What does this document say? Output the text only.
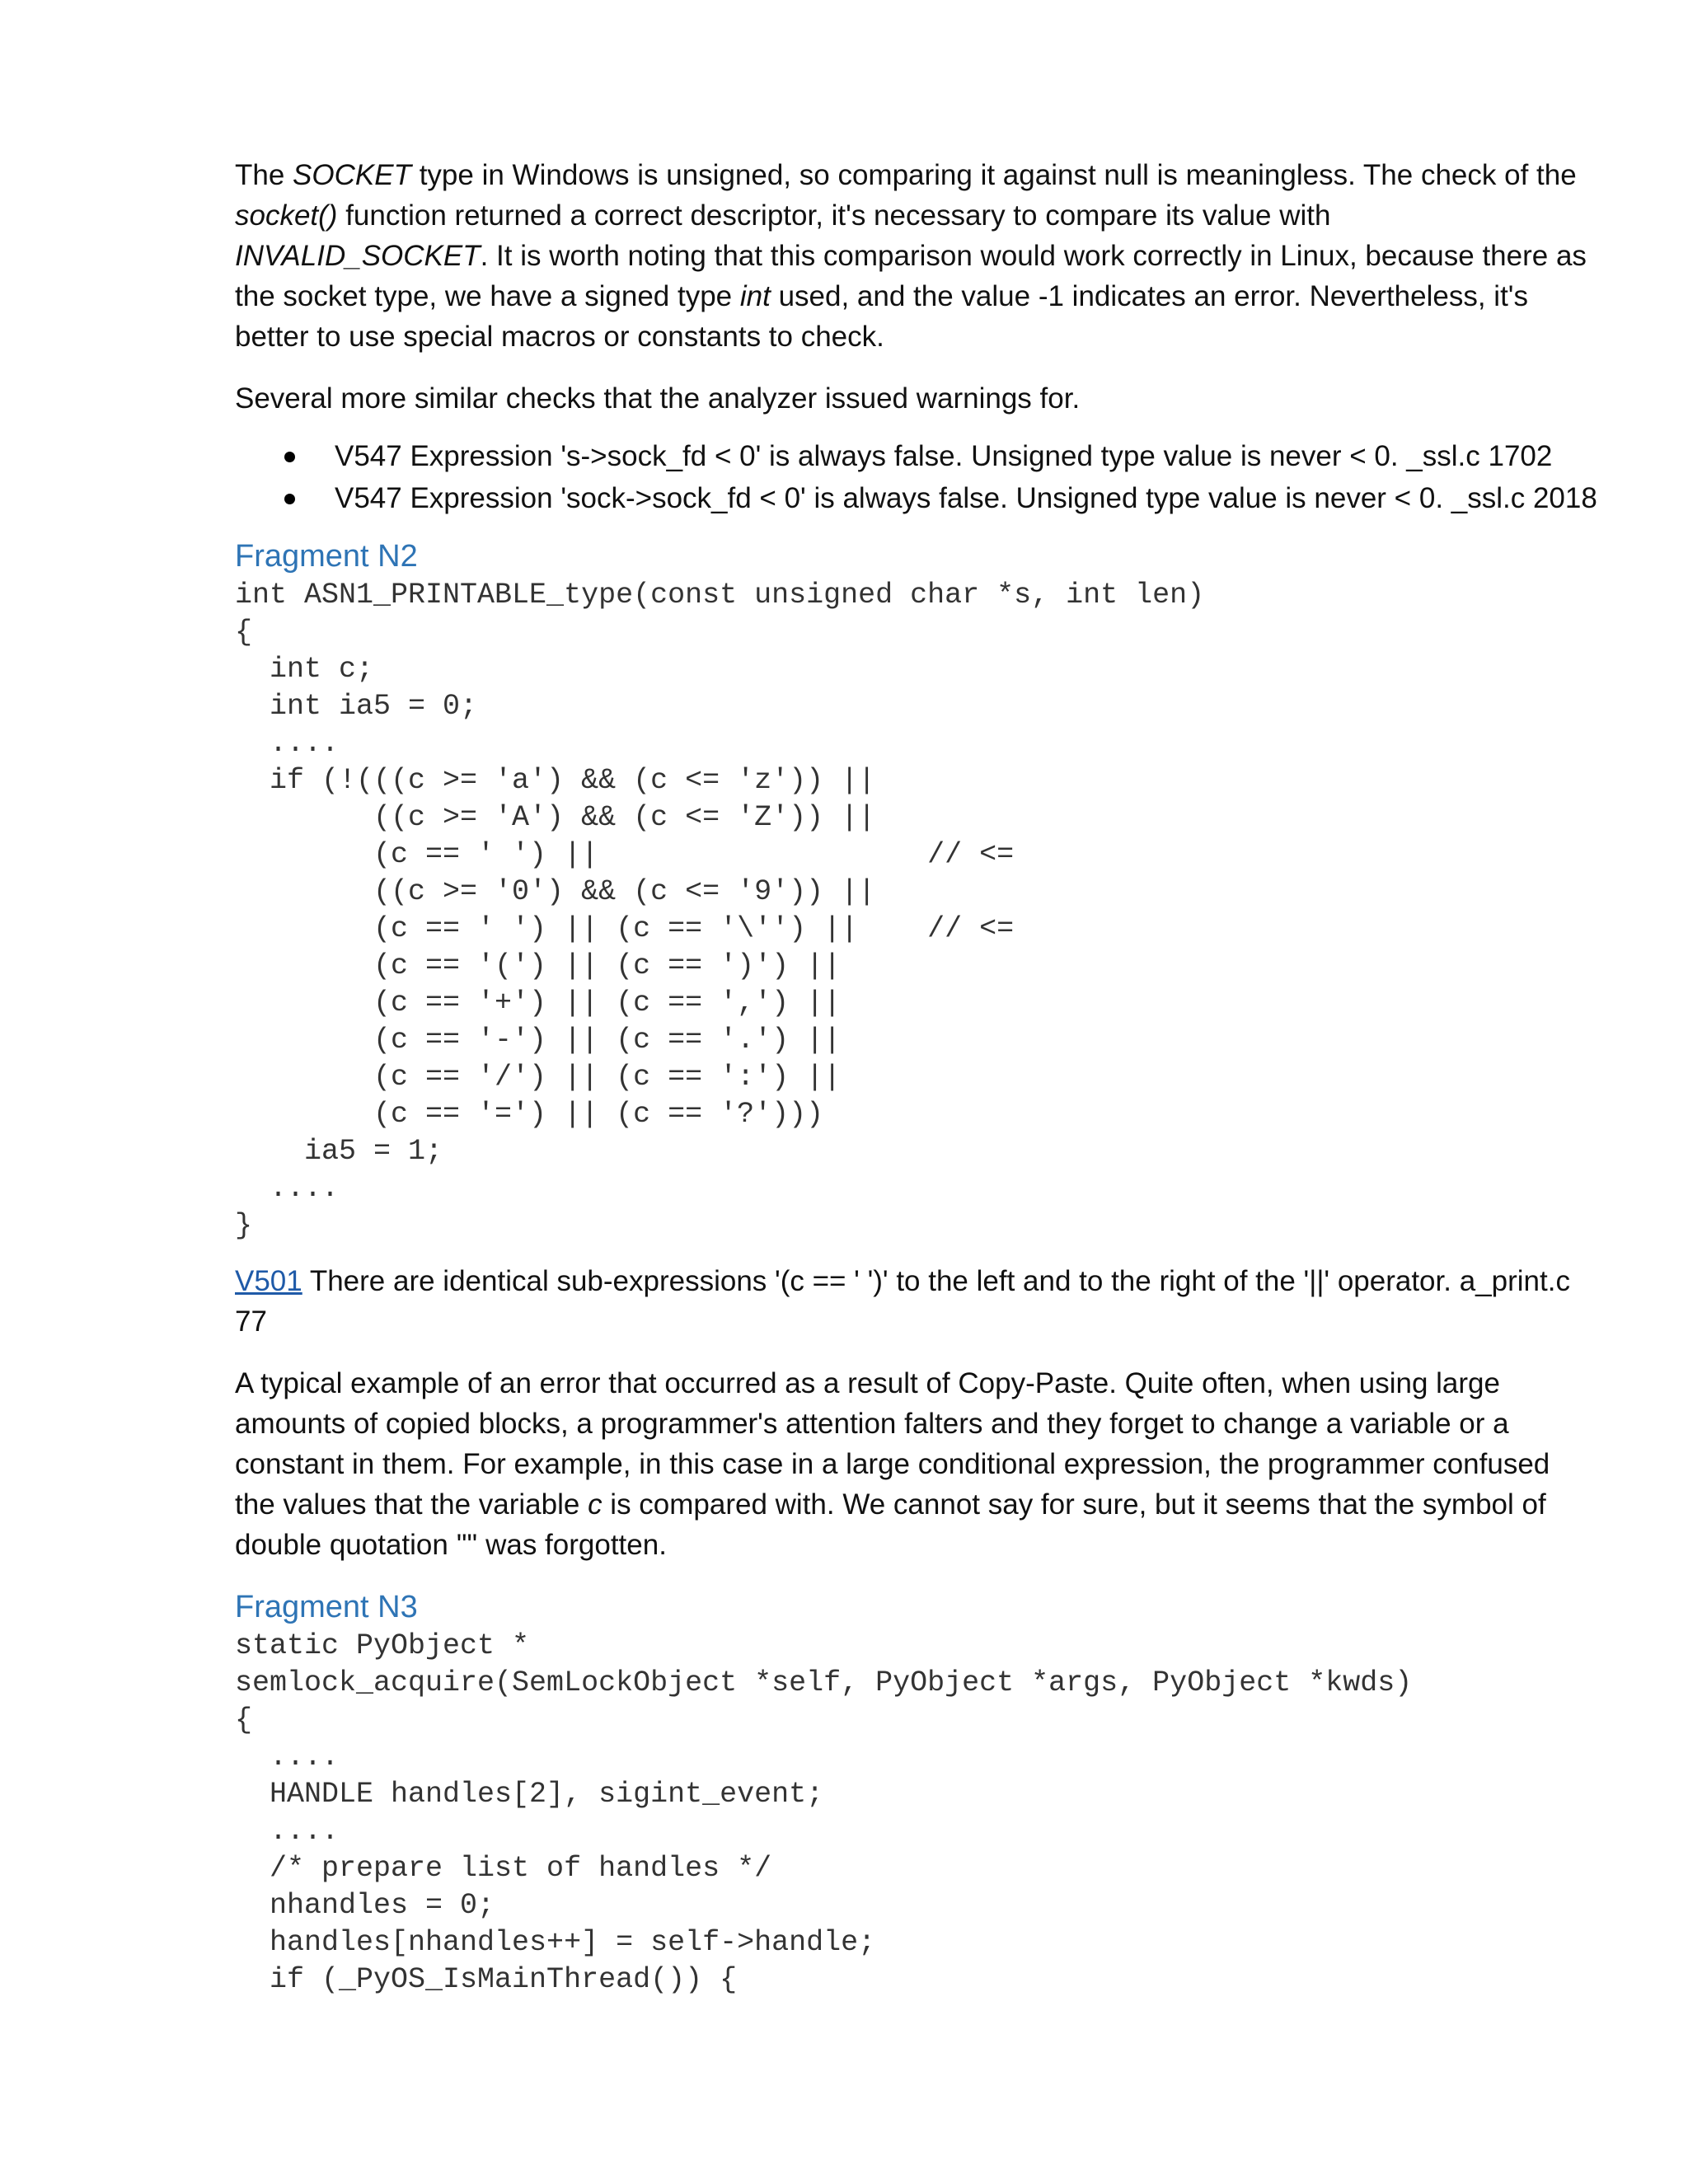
The SOCKET type in Windows is unsigned, so comparing it against null is meaningless. The check of the socket() function returned a correct descriptor, it's necessary to compare its value with INVALID_SOCKET. It is worth noting that this comparison would work correctly in Linux, because there as the socket type, we have a signed type int used, and the value -1 indicates an error. Nevertheless, it's better to use special macros or constants to check.

Several more similar checks that the analyzer issued warnings for.

V547 Expression 's->sock_fd < 0' is always false. Unsigned type value is never < 0. _ssl.c 1702
V547 Expression 'sock->sock_fd < 0' is always false. Unsigned type value is never < 0. _ssl.c 2018
Fragment N2
int ASN1_PRINTABLE_type(const unsigned char *s, int len)
{
int c;
int ia5 = 0;
....
if (!(((c >= 'a') && (c <= 'z')) ||
((c >= 'A') && (c <= 'Z')) ||
(c == ' ') ||                   // <=
((c >= '0') && (c <= '9')) ||
(c == ' ') || (c == '\'') ||    // <=
(c == '(') || (c == ')') ||
(c == '+') || (c == ',') ||
(c == '-') || (c == '.') ||
(c == '/') || (c == ':') ||
(c == '=') || (c == '?')))
ia5 = 1;
....
}

V501 There are identical sub-expressions '(c == ' ')' to the left and to the right of the '||' operator. a_print.c 77

A typical example of an error that occurred as a result of Copy-Paste. Quite often, when using large amounts of copied blocks, a programmer's attention falters and they forget to change a variable or a constant in them. For example, in this case in a large conditional expression, the programmer confused the values that the variable c is compared with. We cannot say for sure, but it seems that the symbol of double quotation '"' was forgotten.

Fragment N3
static PyObject *
semlock_acquire(SemLockObject *self, PyObject *args, PyObject *kwds)
{
....
HANDLE handles[2], sigint_event;
....
/* prepare list of handles */
nhandles = 0;
handles[nhandles++] = self->handle;
if (_PyOS_IsMainThread()) {
